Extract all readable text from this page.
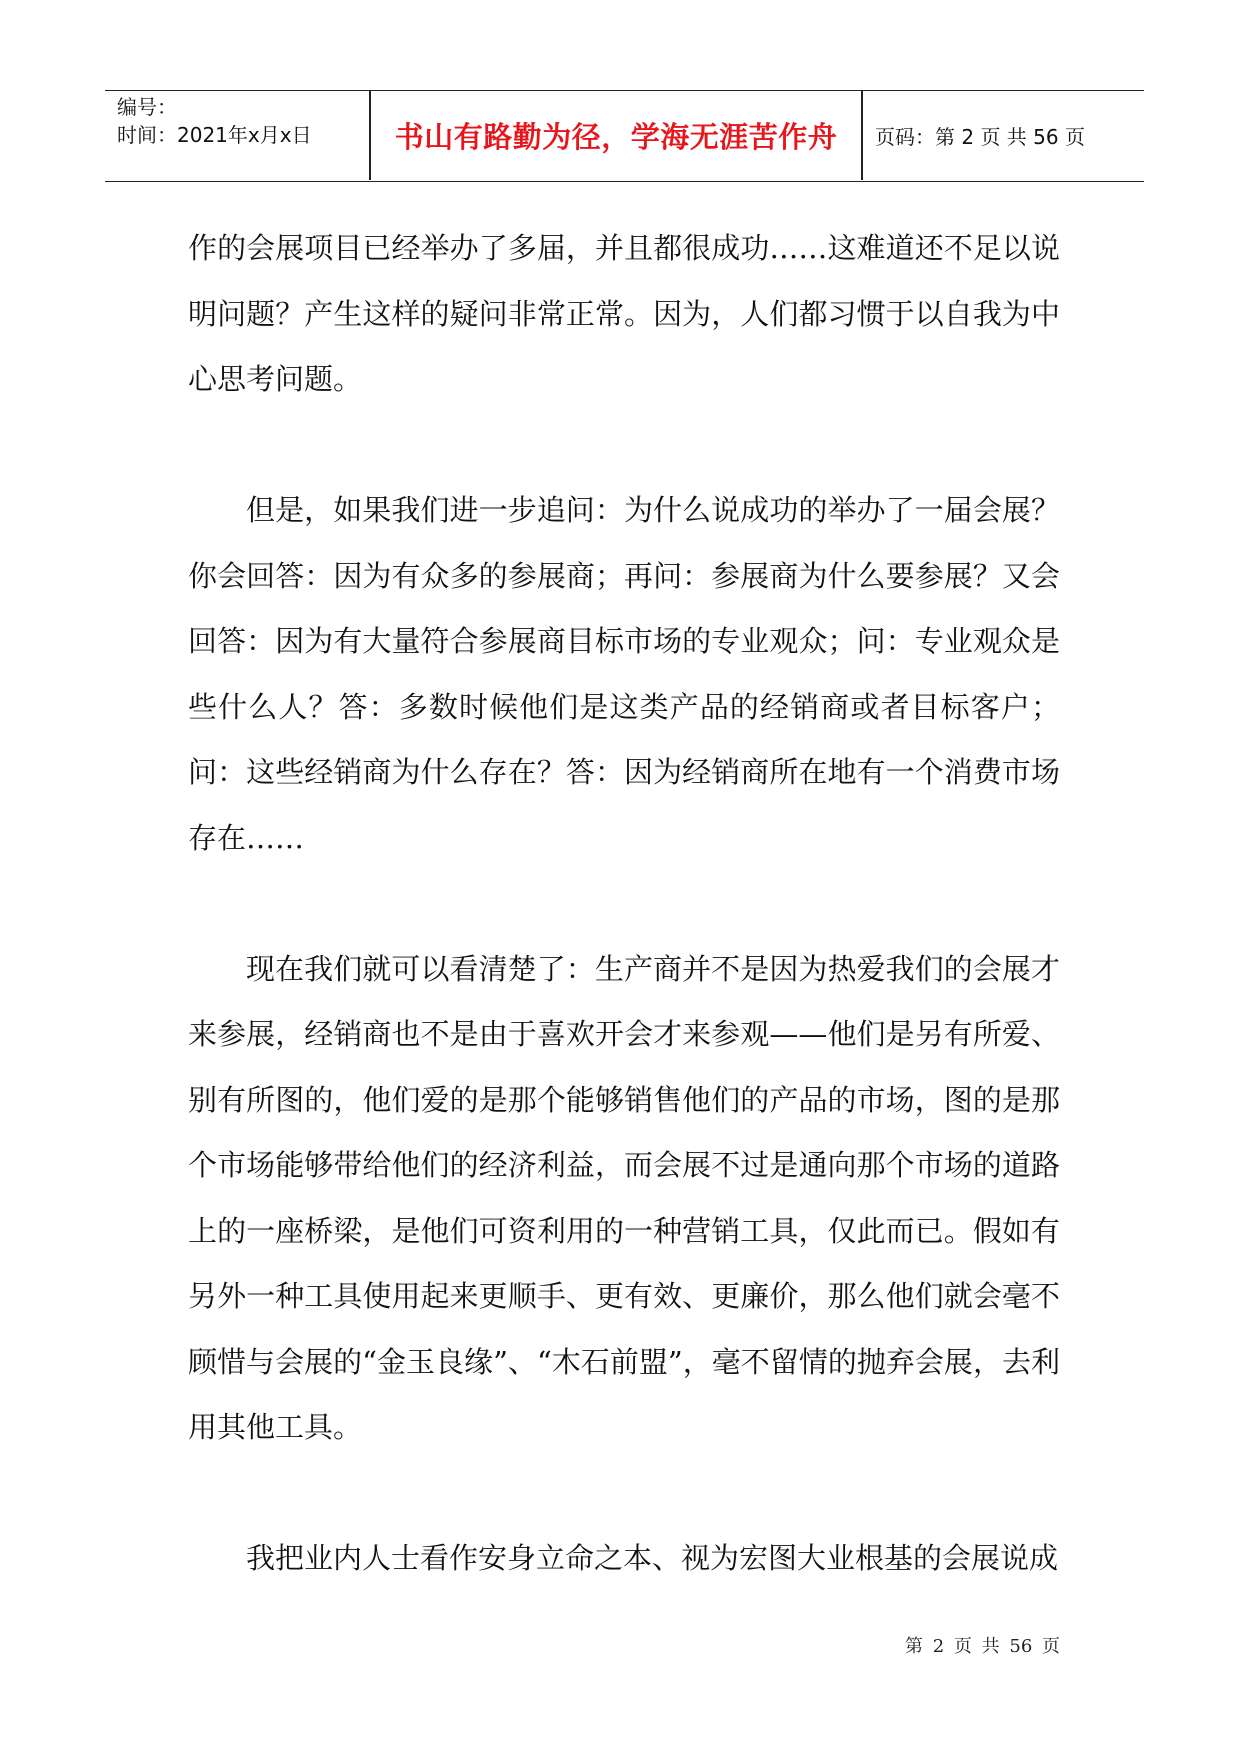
编号：
时间：2021年x月x日	书山有路勤为径，学海无涯苦作舟	页码：第 2 页 共 56 页

作的会展项目已经举办了多届，并且都很成功……这难道还不足以说明问题？产生这样的疑问非常正常。因为，人们都习惯于以自我为中心思考问题。

但是，如果我们进一步追问：为什么说成功的举办了一届会展？你会回答：因为有众多的参展商；再问：参展商为什么要参展？又会回答：因为有大量符合参展商目标市场的专业观众；问：专业观众是些什么人？答：多数时候他们是这类产品的经销商或者目标客户；问：这些经销商为什么存在？答：因为经销商所在地有一个消费市场存在……

现在我们就可以看清楚了：生产商并不是因为热爱我们的会展才来参展，经销商也不是由于喜欢开会才来参观——他们是另有所爱、别有所图的，他们爱的是那个能够销售他们的产品的市场，图的是那个市场能够带给他们的经济利益，而会展不过是通向那个市场的道路上的一座桥梁，是他们可资利用的一种营销工具，仅此而已。假如有另外一种工具使用起来更顺手、更有效、更廉价，那么他们就会毫不顾惜与会展的“金玉良缘”、“木石前盟”，毫不留情的抛弃会展，去利用其他工具。

我把业内人士看作安身立命之本、视为宏图大业根基的会展说成

第 2 页 共 56 页
